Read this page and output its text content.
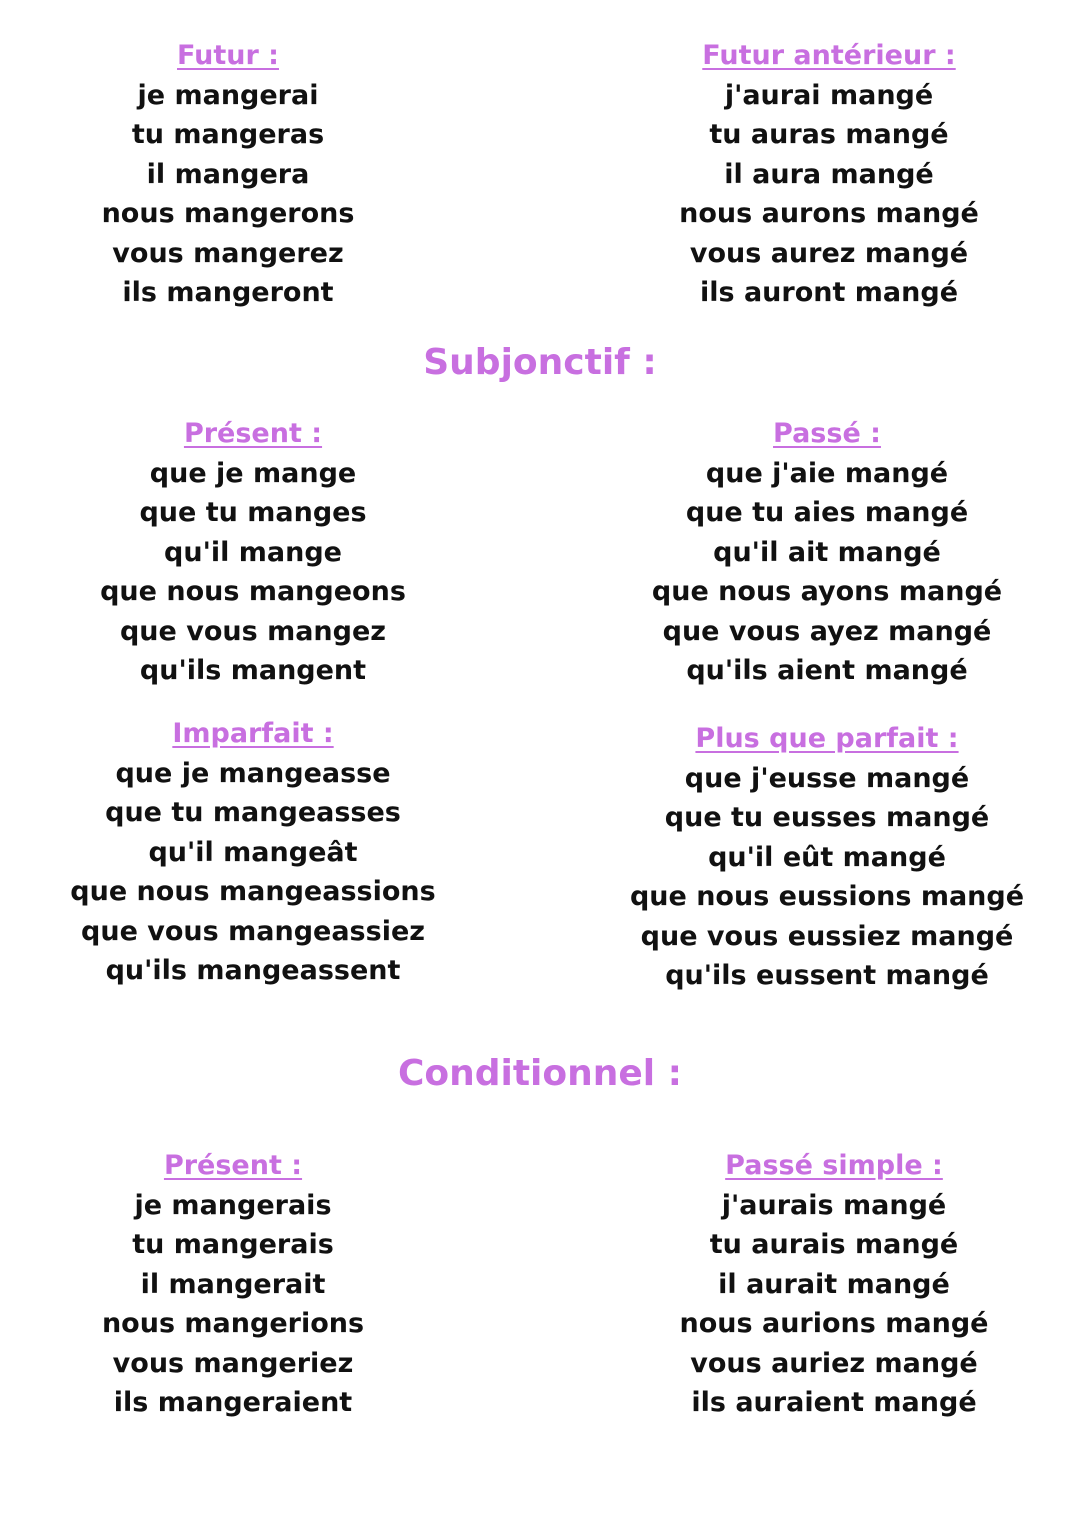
Futur :
je mangerai
tu mangeras
il mangera
nous mangerons
vous mangerez
ils mangeront
Futur antérieur :
j'aurai mangé
tu auras mangé
il aura mangé
nous aurons mangé
vous aurez mangé
ils auront mangé
Subjonctif :
Présent :
que je mange
que tu manges
qu'il mange
que nous mangeons
que vous mangez
qu'ils mangent
Passé :
que j'aie mangé
que tu aies mangé
qu'il ait mangé
que nous ayons mangé
que vous ayez mangé
qu'ils aient mangé
Imparfait :
que je mangeasse
que tu mangeasses
qu'il mangeât
que nous mangeassions
que vous mangeassiez
qu'ils mangeassent
Plus que parfait :
que j'eusse mangé
que tu eusses mangé
qu'il eût mangé
que nous eussions mangé
que vous eussiez mangé
qu'ils eussent mangé
Conditionnel :
Présent :
je mangerais
tu mangerais
il mangerait
nous mangerions
vous mangeriez
ils mangeraient
Passé simple :
j'aurais mangé
tu aurais mangé
il aurait mangé
nous aurions mangé
vous auriez mangé
ils auraient mangé
